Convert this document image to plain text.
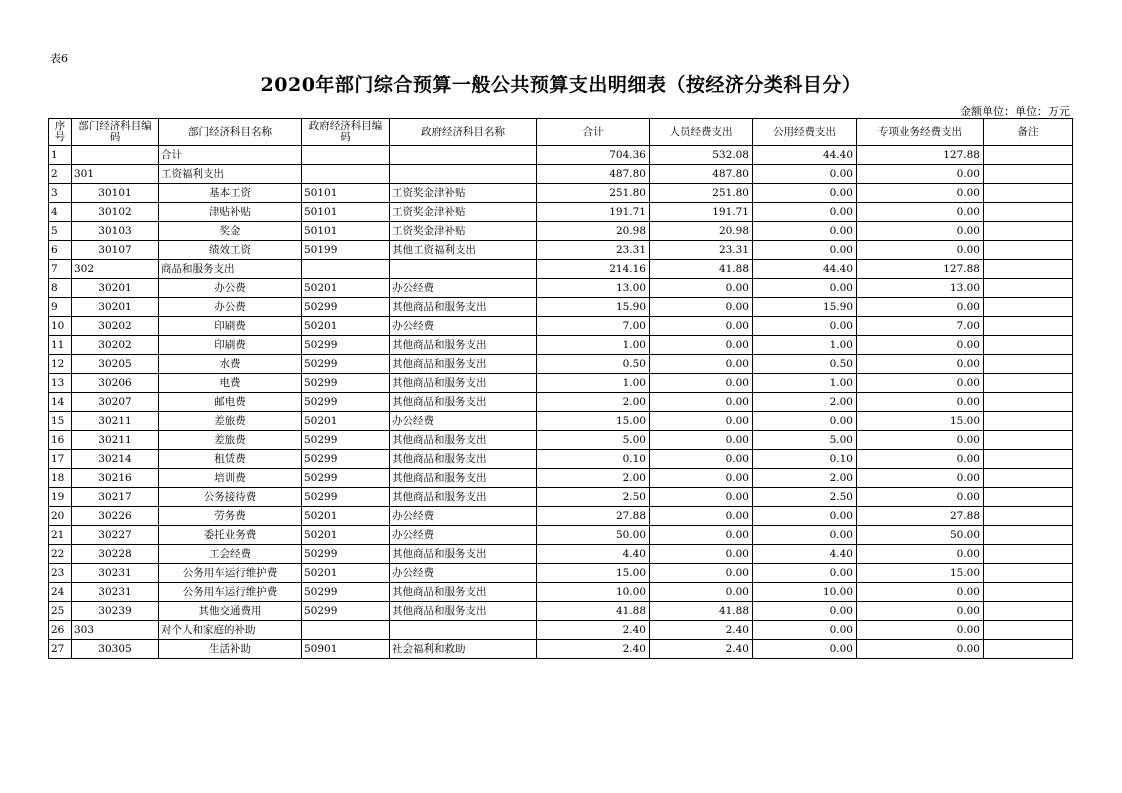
表6
2020年部门综合预算一般公共预算支出明细表（按经济分类科目分）
金额单位：单位：万元
序号	部门经济科目编码	部门经济科目名称	政府经济科目编码	政府经济科目名称	合计	人员经费支出	公用经费支出	专项业务经费支出	备注
1		合计			704.36	532.08	44.40	127.88	
2	301	工资福利支出			487.80	487.80	0.00	0.00	
3	30101	基本工资	50101	工资奖金津补贴	251.80	251.80	0.00	0.00	
4	30102	津贴补贴	50101	工资奖金津补贴	191.71	191.71	0.00	0.00	
5	30103	奖金	50101	工资奖金津补贴	20.98	20.98	0.00	0.00	
6	30107	绩效工资	50199	其他工资福利支出	23.31	23.31	0.00	0.00	
7	302	商品和服务支出			214.16	41.88	44.40	127.88	
8	30201	办公费	50201	办公经费	13.00	0.00	0.00	13.00	
9	30201	办公费	50299	其他商品和服务支出	15.90	0.00	15.90	0.00	
10	30202	印刷费	50201	办公经费	7.00	0.00	0.00	7.00	
11	30202	印刷费	50299	其他商品和服务支出	1.00	0.00	1.00	0.00	
12	30205	水费	50299	其他商品和服务支出	0.50	0.00	0.50	0.00	
13	30206	电费	50299	其他商品和服务支出	1.00	0.00	1.00	0.00	
14	30207	邮电费	50299	其他商品和服务支出	2.00	0.00	2.00	0.00	
15	30211	差旅费	50201	办公经费	15.00	0.00	0.00	15.00	
16	30211	差旅费	50299	其他商品和服务支出	5.00	0.00	5.00	0.00	
17	30214	租赁费	50299	其他商品和服务支出	0.10	0.00	0.10	0.00	
18	30216	培训费	50299	其他商品和服务支出	2.00	0.00	2.00	0.00	
19	30217	公务接待费	50299	其他商品和服务支出	2.50	0.00	2.50	0.00	
20	30226	劳务费	50201	办公经费	27.88	0.00	0.00	27.88	
21	30227	委托业务费	50201	办公经费	50.00	0.00	0.00	50.00	
22	30228	工会经费	50299	其他商品和服务支出	4.40	0.00	4.40	0.00	
23	30231	公务用车运行维护费	50201	办公经费	15.00	0.00	0.00	15.00	
24	30231	公务用车运行维护费	50299	其他商品和服务支出	10.00	0.00	10.00	0.00	
25	30239	其他交通费用	50299	其他商品和服务支出	41.88	41.88	0.00	0.00	
26	303	对个人和家庭的补助			2.40	2.40	0.00	0.00	
27	30305	生活补助	50901	社会福利和救助	2.40	2.40	0.00	0.00	
